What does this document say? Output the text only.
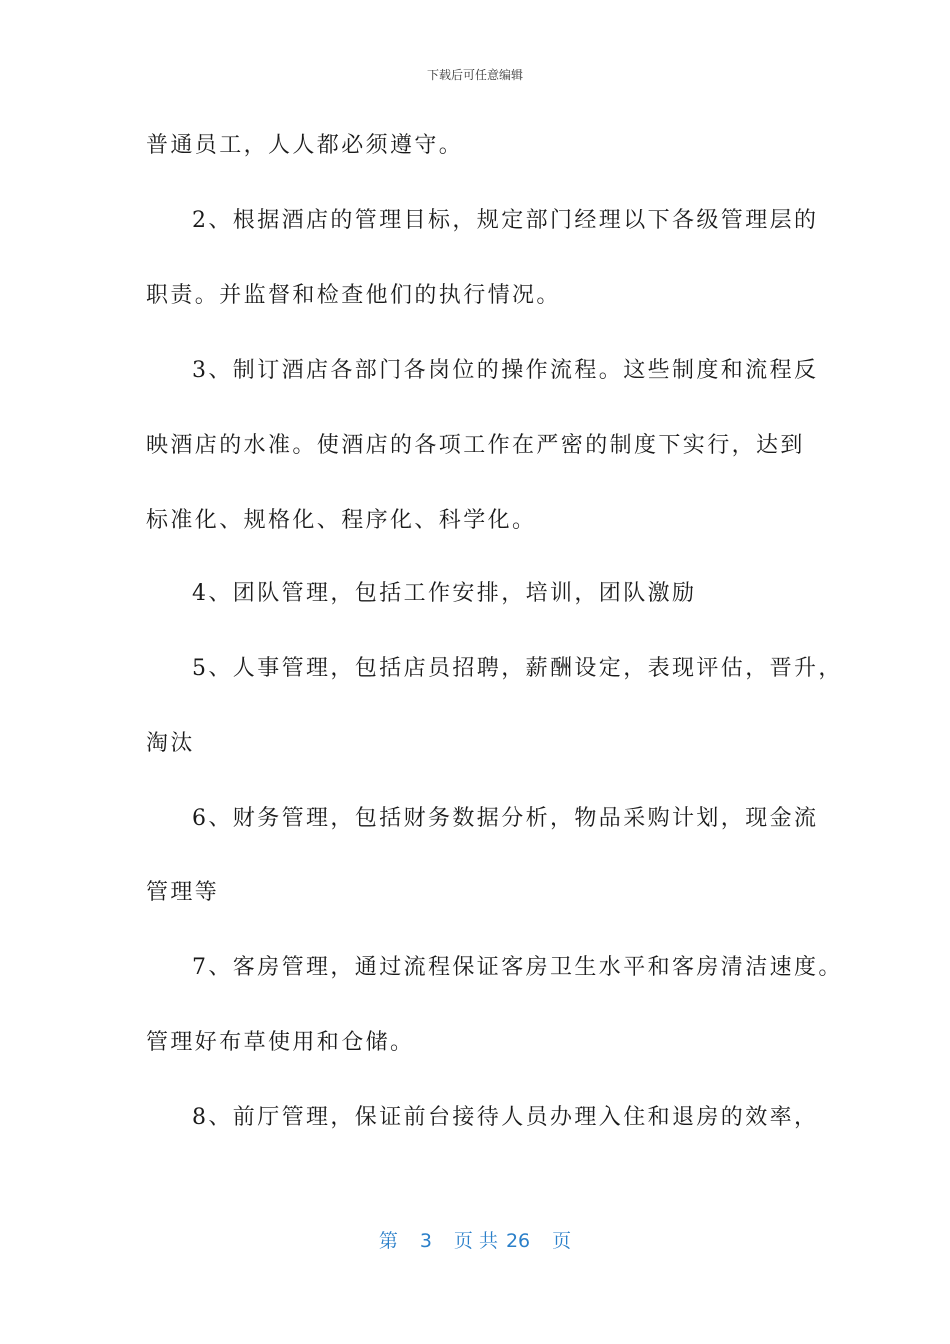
下载后可任意编辑
普通员工，人人都必须遵守。
2、根据酒店的管理目标，规定部门经理以下各级管理层的
职责。并监督和检查他们的执行情况。
3、制订酒店各部门各岗位的操作流程。这些制度和流程反
映酒店的水准。使酒店的各项工作在严密的制度下实行，达到
标准化、规格化、程序化、科学化。
4、团队管理，包括工作安排，培训，团队激励
5、人事管理，包括店员招聘，薪酬设定，表现评估，晋升，
淘汰
6、财务管理，包括财务数据分析，物品采购计划，现金流
管理等
7、客房管理，通过流程保证客房卫生水平和客房清洁速度。
管理好布草使用和仓储。
8、前厅管理，保证前台接待人员办理入住和退房的效率，
第 3 页 共 26 页
